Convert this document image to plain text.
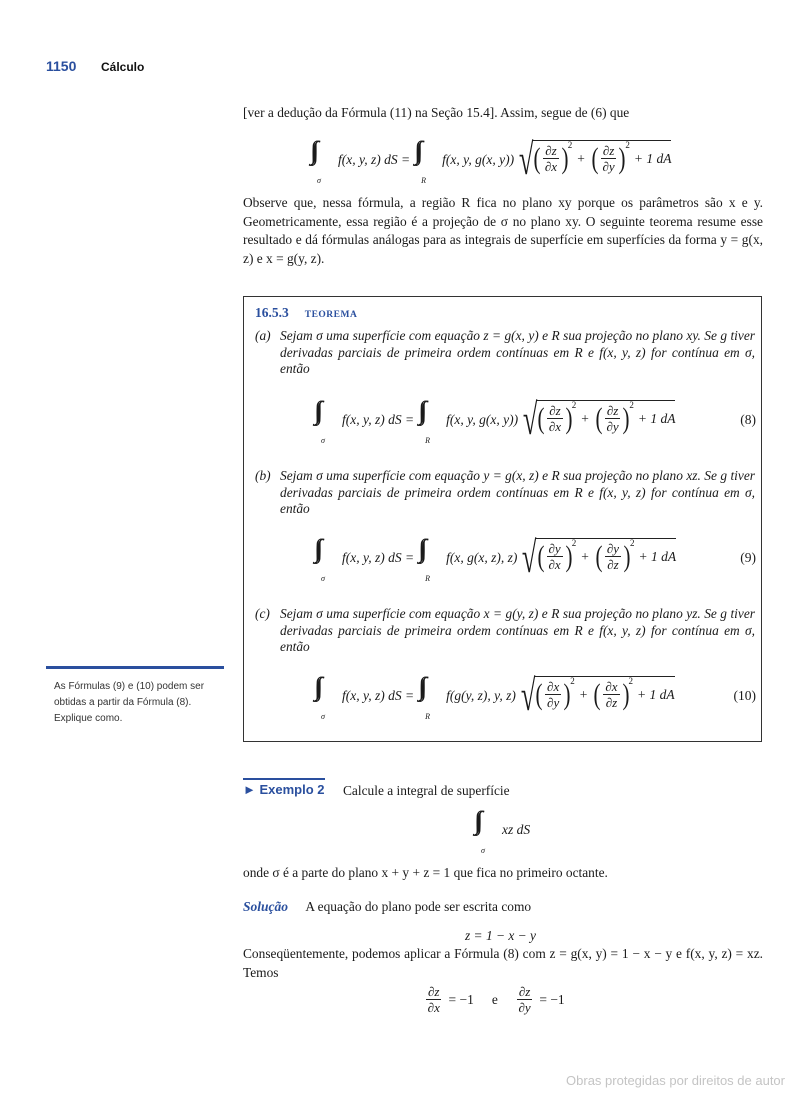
1150 Cálculo
[ver a dedução da Fórmula (11) na Seção 15.4]. Assim, segue de (6) que
σ
f(x, y, z) dS =
R
f(x, y, g(x, y)) √ ( $\frac{\partial z}{\partial x}$ ) 2
+ ( $\frac{\partial z}{\partial y}$ ) 2
+ 1 dA
Observe que, nessa fórmula, a região R fica no plano xy porque os parâmetros são x e y. Geometricamente, essa região é a projeção de σ no plano xy. O seguinte teorema resume esse resultado e dá fórmulas análogas para as integrais de superfície em superfícies da forma y = g(x, z) e x = g(y, z).
16.5.3 TEOREMA
(a) Sejam σ uma superfície com equação z = g(x, y) e R sua projeção no plano xy. Se g tiver derivadas parciais de primeira ordem contínuas em R e f(x, y, z) for contínua em σ, então
σ
f(x, y, z) dS =
R
f(x, y, g(x, y)) √ ( $\frac{\partial z}{\partial x}$ ) 2
+ ( $\frac{\partial z}{\partial y}$ ) 2
+ 1 dA	(8)
(b) Sejam σ uma superfície com equação y = g(x, z) e R sua projeção no plano xz. Se g tiver derivadas parciais de primeira ordem contínuas em R e f(x, y, z) for contínua em σ, então
σ
f(x, y, z) dS =
R
f(x, g(x, z), z) √ ( $\frac{\partial y}{\partial x}$ ) 2
+ ( $\frac{\partial y}{\partial z}$ ) 2
+ 1 dA	(9)
(c) Sejam σ uma superfície com equação x = g(y, z) e R sua projeção no plano yz. Se g tiver derivadas parciais de primeira ordem contínuas em R e f(x, y, z) for contínua em σ, então
σ
f(x, y, z) dS =
R
f(g(y, z), y, z) √ ( $\frac{\partial x}{\partial y}$ ) 2
+ ( $\frac{\partial x}{\partial z}$ ) 2
+ 1 dA	(10)
As Fórmulas (9) e (10) podem ser obtidas a partir da Fórmula (8). Explique como.
► Exemplo 2 Calcule a integral de superfície
σ
xz dS
onde σ é a parte do plano x + y + z = 1 que fica no primeiro octante.
Solução A equação do plano pode ser escrita como
z = 1 − x − y
Conseqüentemente, podemos aplicar a Fórmula (8) com z = g(x, y) = 1 − x − y e f(x, y, z) = xz. Temos
$\frac{\partial z}{\partial x} = -1$ e $\frac{\partial z}{\partial y} = -1$
Obras protegidas por direitos de autor
